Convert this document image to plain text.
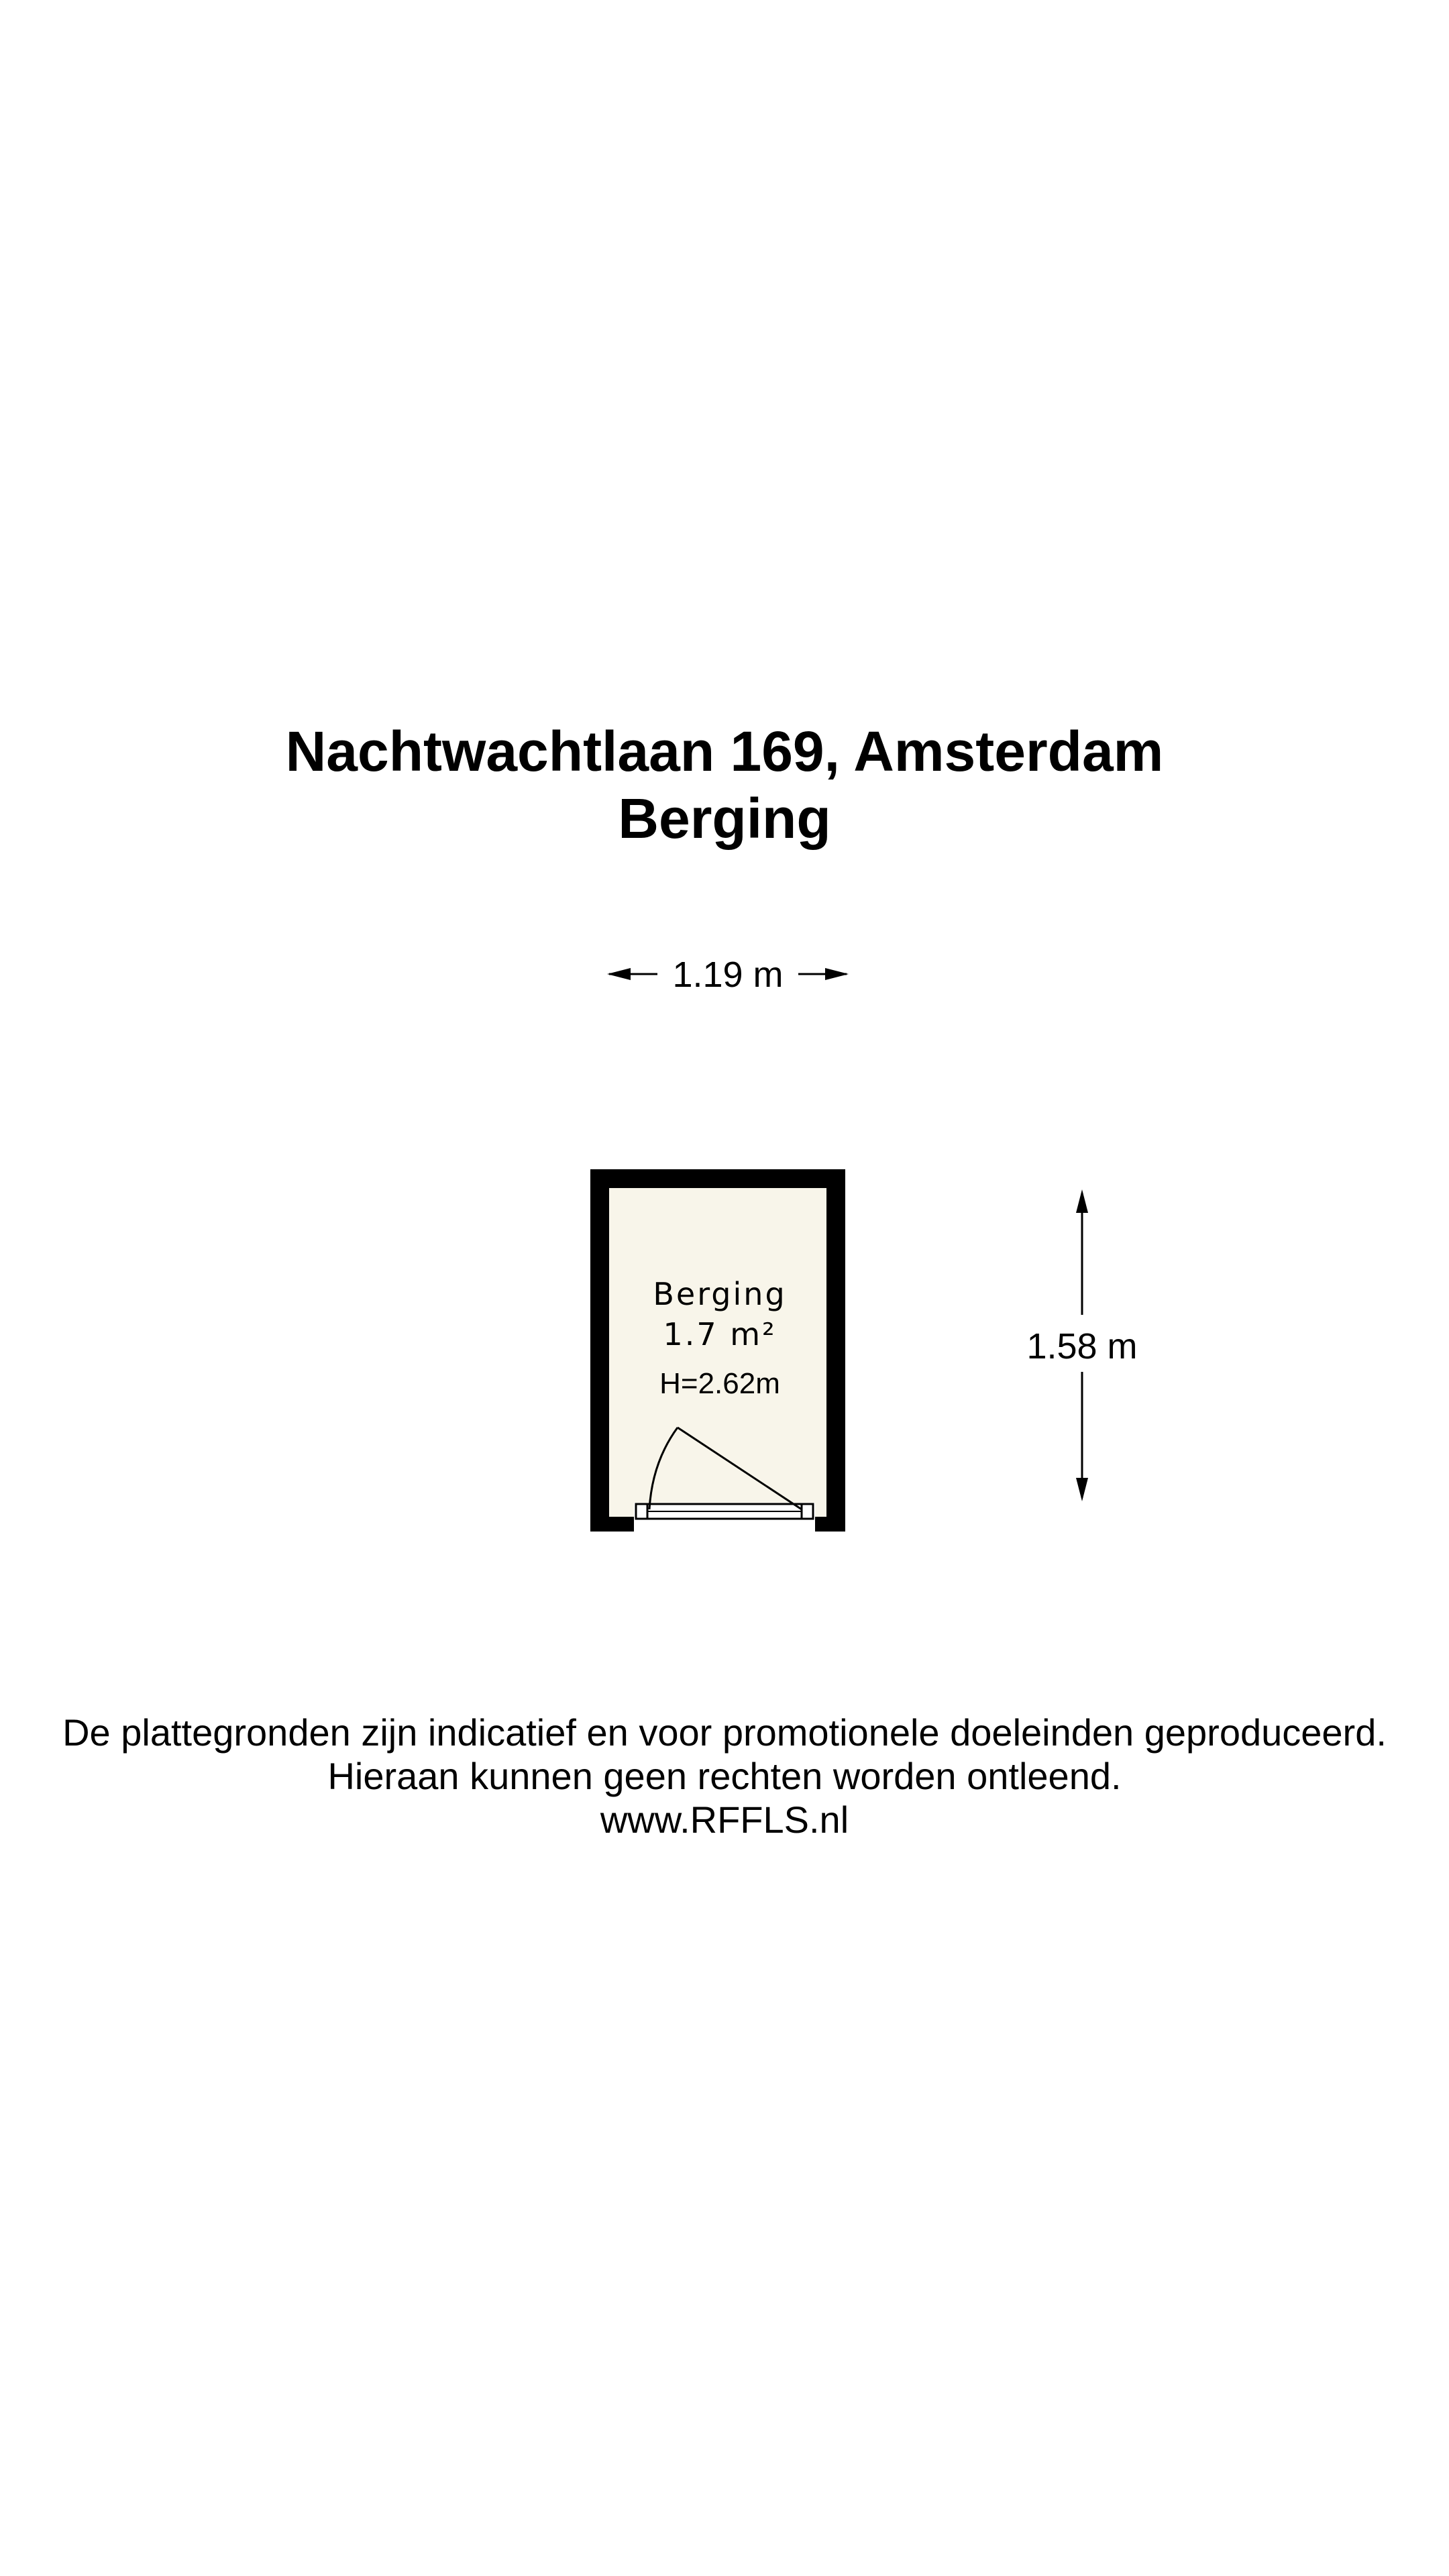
Nachtwachtlaan 169, Amsterdam
Berging
1.19 m
Berging
1.7 m²
H=2.62m
1.58 m
De plattegronden zijn indicatief en voor promotionele doeleinden geproduceerd.
Hieraan kunnen geen rechten worden ontleend.
www.RFFLS.nl
